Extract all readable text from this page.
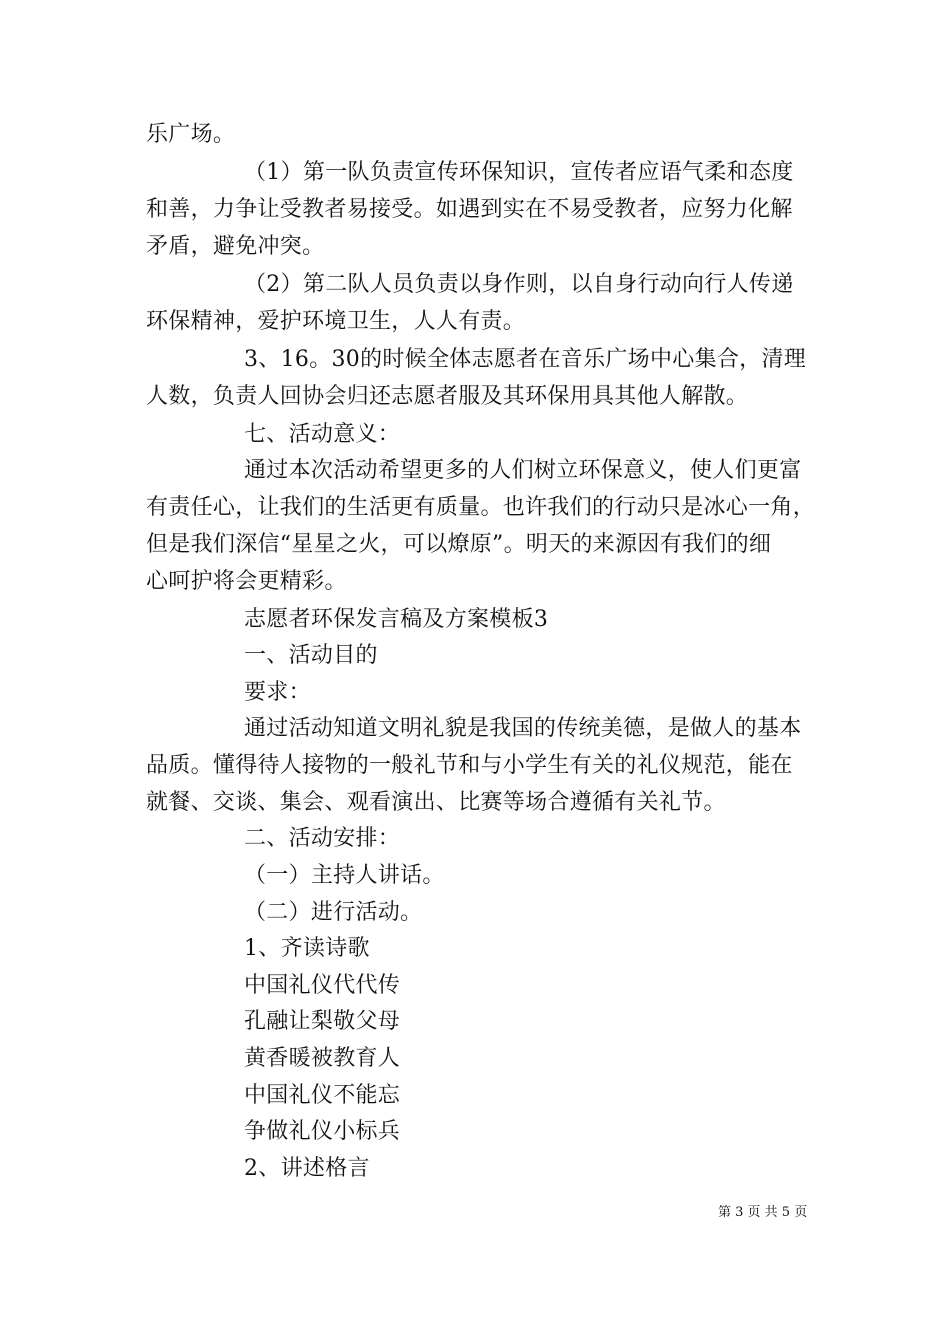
乐广场。
（1）第一队负责宣传环保知识，宣传者应语气柔和态度
和善，力争让受教者易接受。如遇到实在不易受教者，应努力化解
矛盾，避免冲突。
（2）第二队人员负责以身作则，以自身行动向行人传递
环保精神，爱护环境卫生，人人有责。
3、16。30的时候全体志愿者在音乐广场中心集合，清理
人数，负责人回协会归还志愿者服及其环保用具其他人解散。
七、活动意义：
通过本次活动希望更多的人们树立环保意义，使人们更富
有责任心，让我们的生活更有质量。也许我们的行动只是冰心一角，
但是我们深信“星星之火，可以燎原”。明天的来源因有我们的细
心呵护将会更精彩。
志愿者环保发言稿及方案模板3
一、活动目的
要求：
通过活动知道文明礼貌是我国的传统美德，是做人的基本
品质。懂得待人接物的一般礼节和与小学生有关的礼仪规范，能在
就餐、交谈、集会、观看演出、比赛等场合遵循有关礼节。
二、活动安排：
（一）主持人讲话。
（二）进行活动。
1、齐读诗歌
中国礼仪代代传
孔融让梨敬父母
黄香暖被教育人
中国礼仪不能忘
争做礼仪小标兵
2、讲述格言
第 3 页 共 5 页
